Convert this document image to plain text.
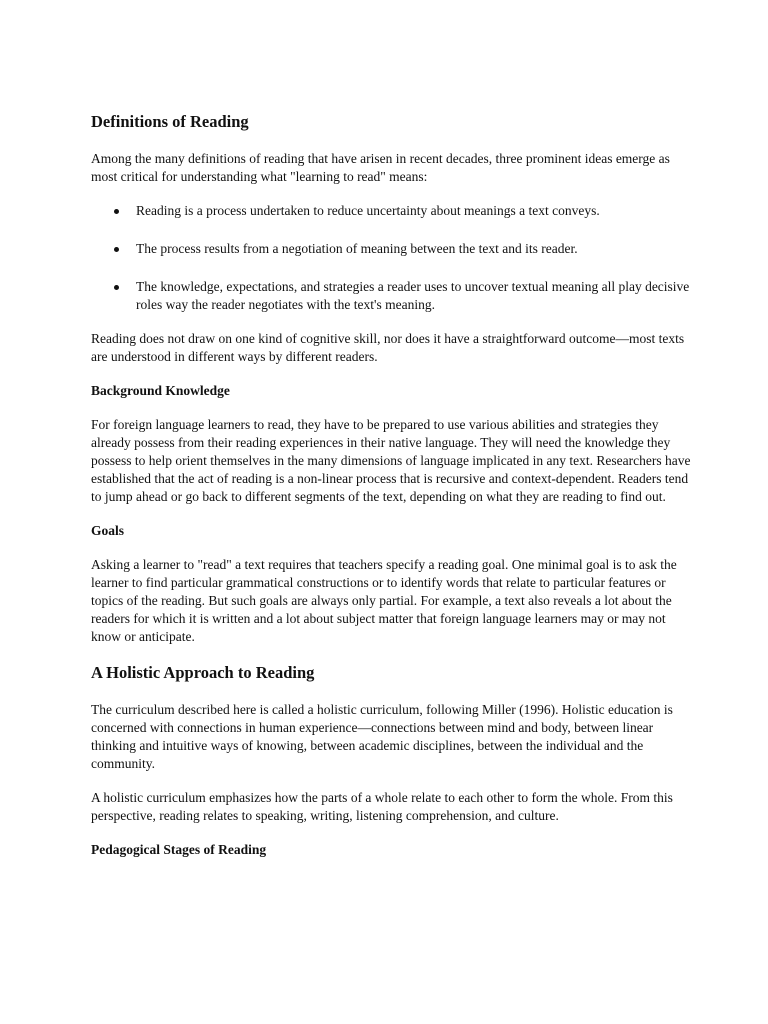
Definitions of Reading

Among the many definitions of reading that have arisen in recent decades, three prominent ideas emerge as most critical for understanding what "learning to read" means:

Reading is a process undertaken to reduce uncertainty about meanings a text conveys.
The process results from a negotiation of meaning between the text and its reader.
The knowledge, expectations, and strategies a reader uses to uncover textual meaning all play decisive roles way the reader negotiates with the text's meaning.

Reading does not draw on one kind of cognitive skill, nor does it have a straightforward outcome—most texts are understood in different ways by different readers.

Background Knowledge

For foreign language learners to read, they have to be prepared to use various abilities and strategies they already possess from their reading experiences in their native language. They will need the knowledge they possess to help orient themselves in the many dimensions of language implicated in any text. Researchers have established that the act of reading is a non-linear process that is recursive and context-dependent. Readers tend to jump ahead or go back to different segments of the text, depending on what they are reading to find out.

Goals

Asking a learner to "read" a text requires that teachers specify a reading goal. One minimal goal is to ask the learner to find particular grammatical constructions or to identify words that relate to particular features or topics of the reading. But such goals are always only partial. For example, a text also reveals a lot about the readers for which it is written and a lot about subject matter that foreign language learners may or may not know or anticipate.

A Holistic Approach to Reading

The curriculum described here is called a holistic curriculum, following Miller (1996). Holistic education is concerned with connections in human experience—connections between mind and body, between linear thinking and intuitive ways of knowing, between academic disciplines, between the individual and the community.

A holistic curriculum emphasizes how the parts of a whole relate to each other to form the whole. From this perspective, reading relates to speaking, writing, listening comprehension, and culture.

Pedagogical Stages of Reading
